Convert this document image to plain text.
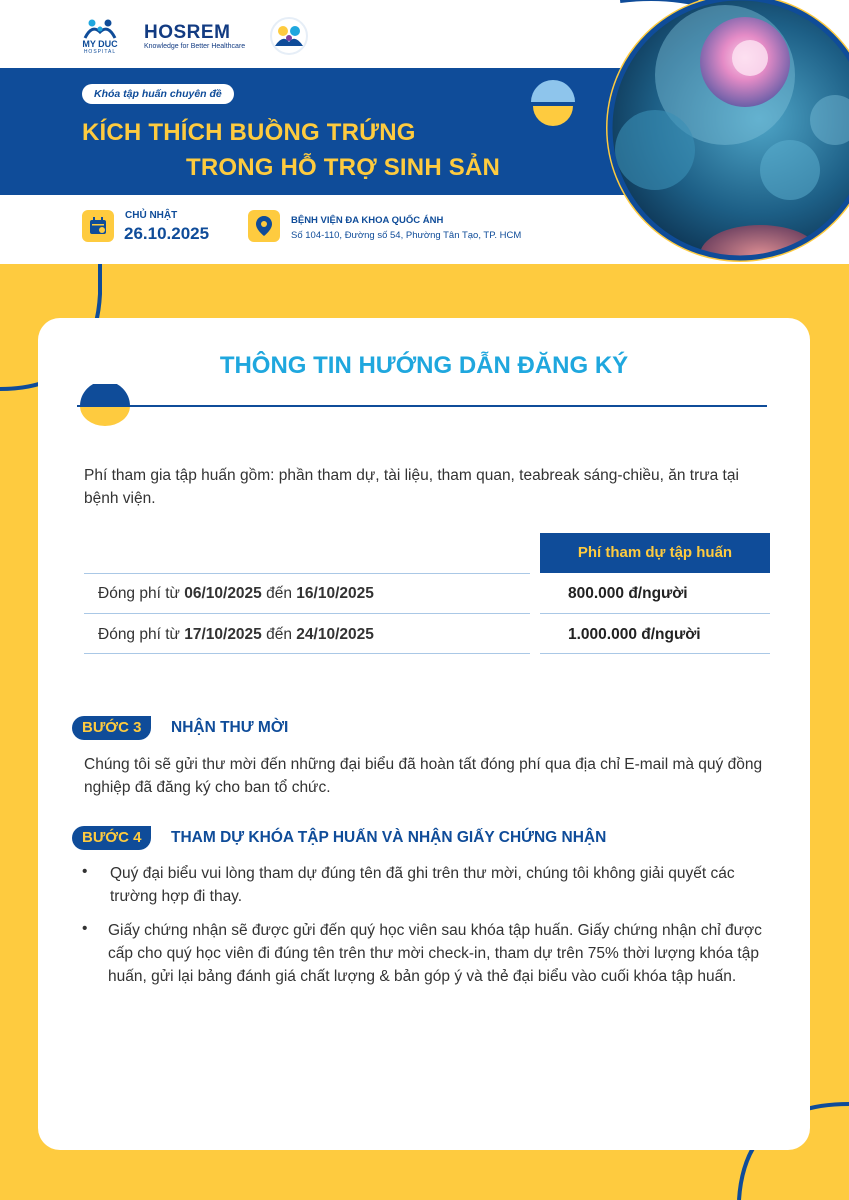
MY DUC
HOSPITAL
HOSREM
Knowledge for Better Healthcare
Khóa tập huấn chuyên đề
KÍCH THÍCH BUỒNG TRỨNG
TRONG HỖ TRỢ SINH SẢN
CHỦ NHẬT
26.10.2025
BỆNH VIỆN ĐA KHOA QUỐC ÁNH
Số 104-110, Đường số 54, Phường Tân Tạo, TP. HCM
THÔNG TIN HƯỚNG DẪN ĐĂNG KÝ
Phí tham gia tập huấn gồm: phần tham dự, tài liệu, tham quan, teabreak sáng-chiều, ăn trưa tại bệnh viện.
Phí tham dự tập huấn
Đóng phí từ 06/10/2025 đến 16/10/2025	800.000 đ/người
Đóng phí từ 17/10/2025 đến 24/10/2025	1.000.000 đ/người
BƯỚC 3	NHẬN THƯ MỜI
Chúng tôi sẽ gửi thư mời đến những đại biểu đã hoàn tất đóng phí qua địa chỉ E-mail mà quý đồng nghiệp đã đăng ký cho ban tổ chức.
BƯỚC 4	THAM DỰ KHÓA TẬP HUẤN VÀ NHẬN GIẤY CHỨNG NHẬN
• Quý đại biểu vui lòng tham dự đúng tên đã ghi trên thư mời, chúng tôi không giải quyết các trường hợp đi thay.
• Giấy chứng nhận sẽ được gửi đến quý học viên sau khóa tập huấn. Giấy chứng nhận chỉ được cấp cho quý học viên đi đúng tên trên thư mời check-in, tham dự trên 75% thời lượng khóa tập huấn, gửi lại bảng đánh giá chất lượng & bản góp ý và thẻ đại biểu vào cuối khóa tập huấn.
